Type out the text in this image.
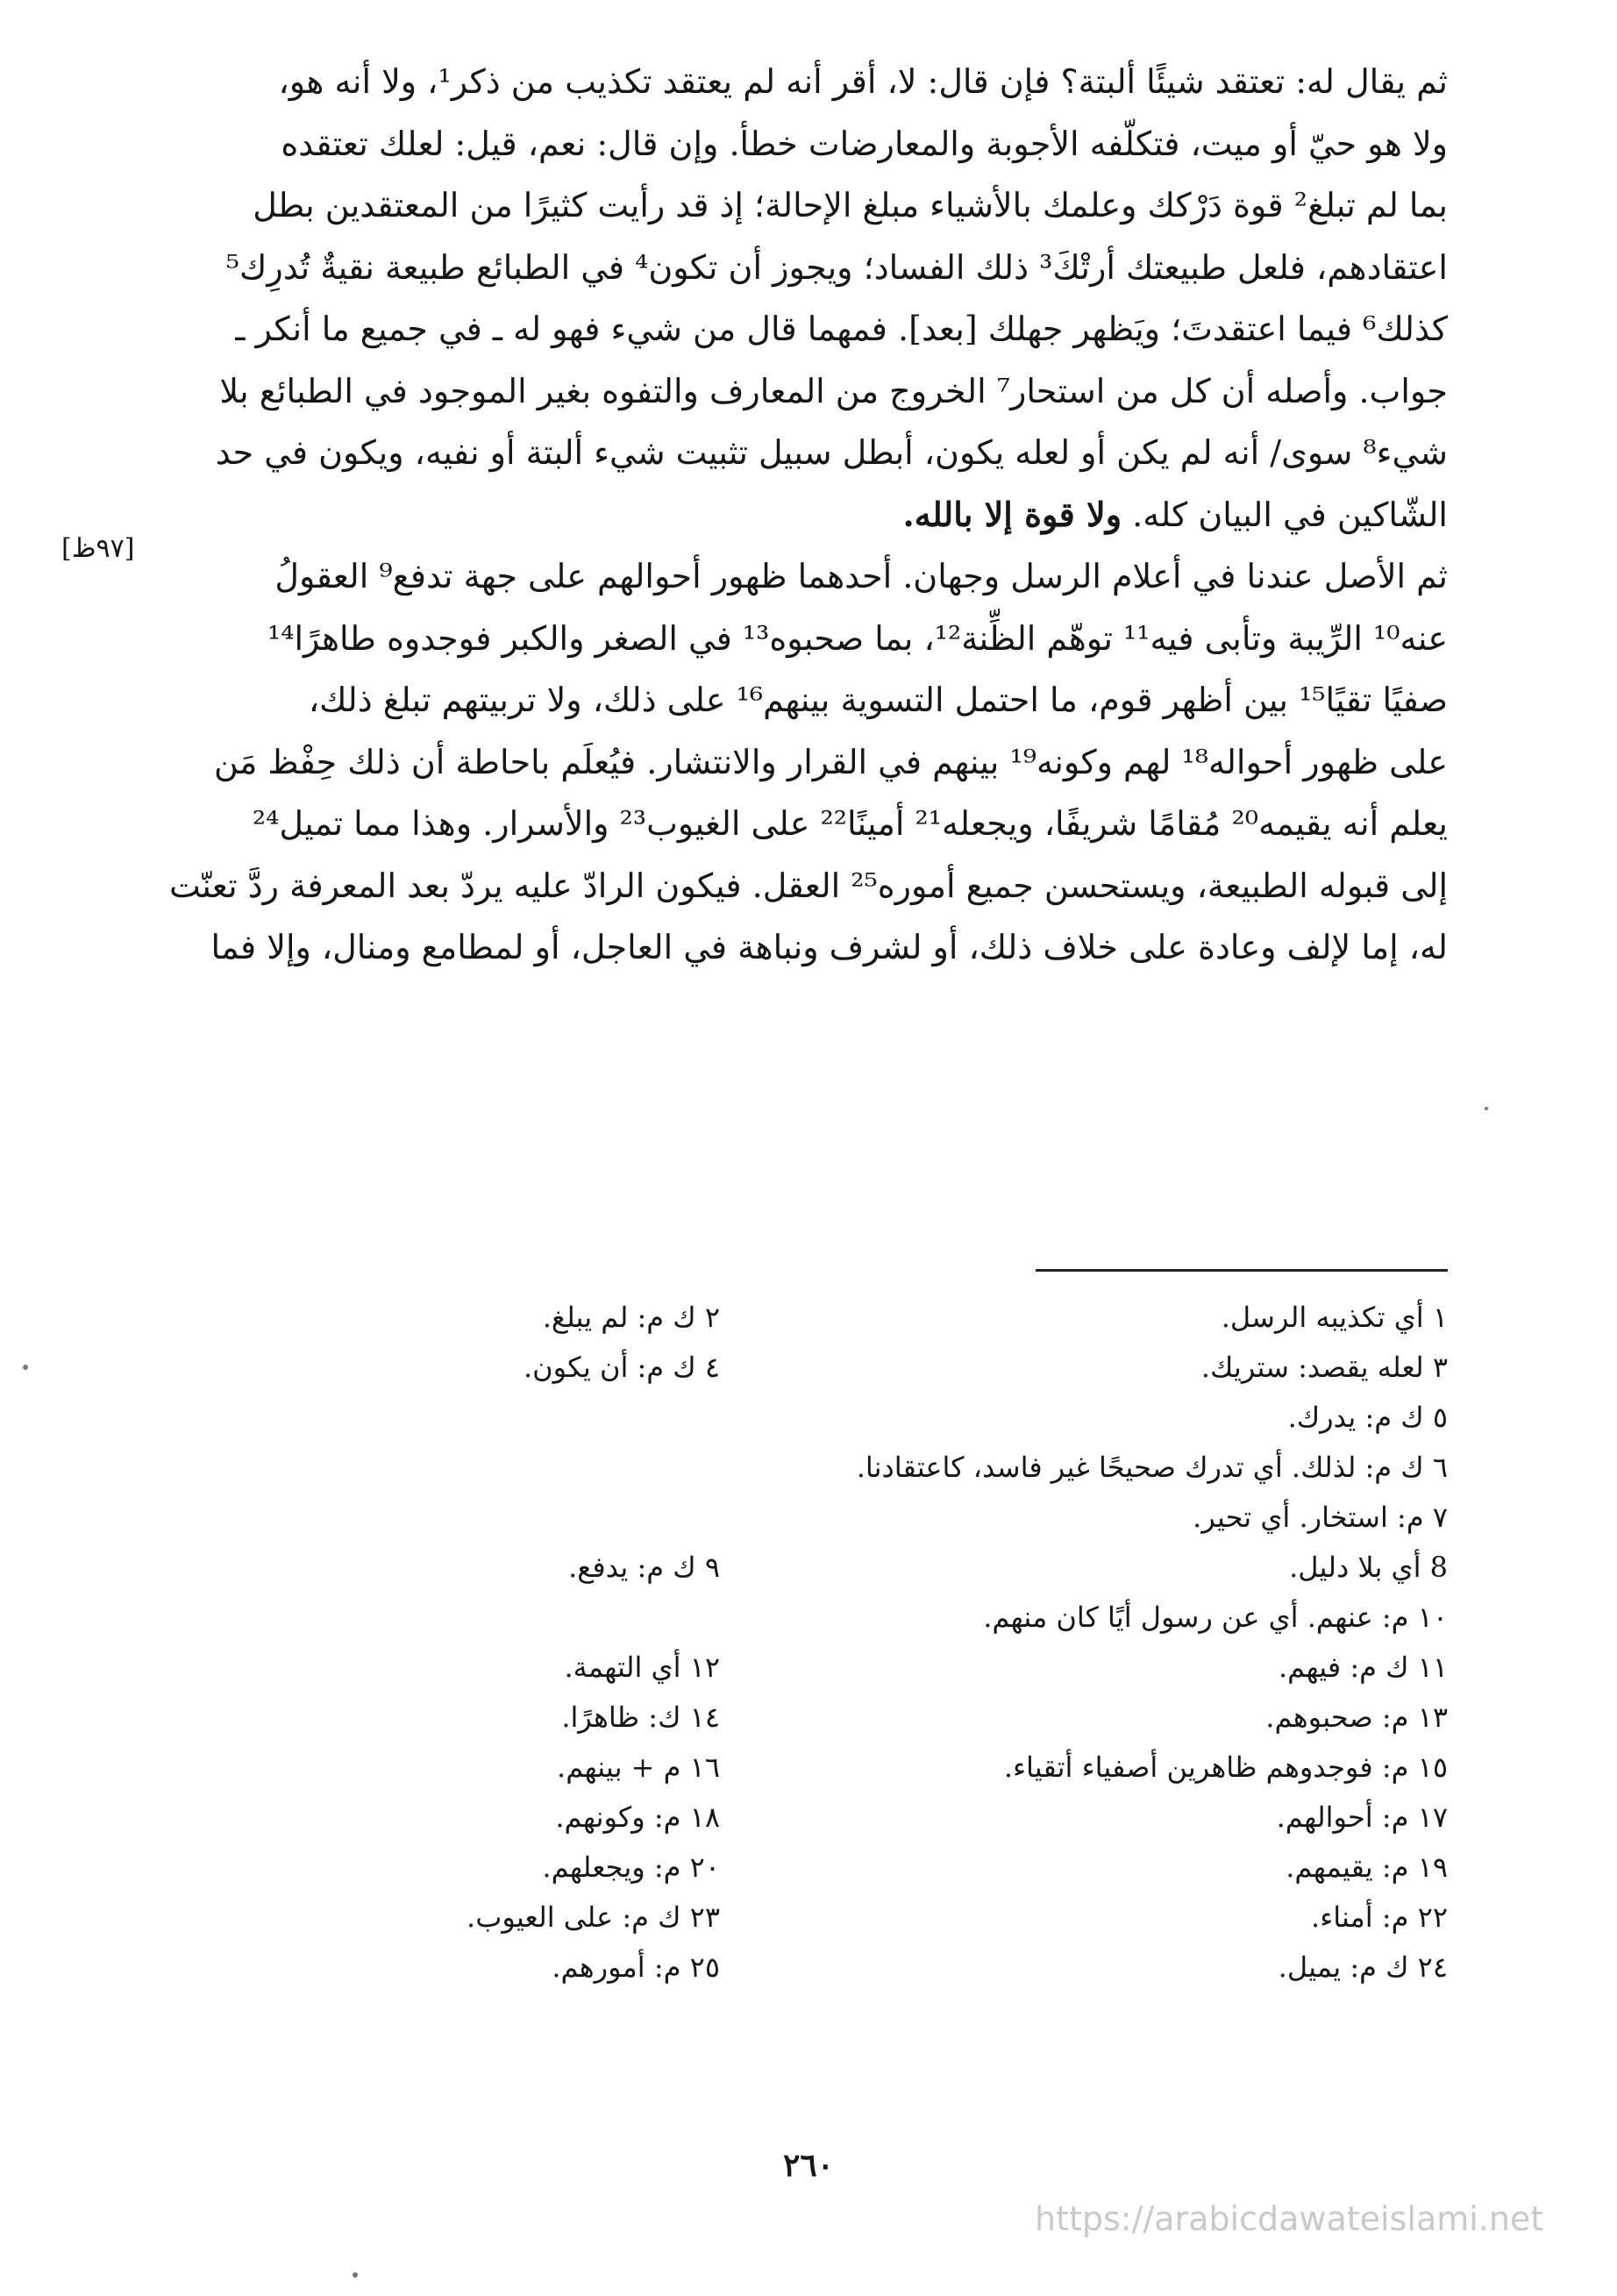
ثم يقال له: تعتقد شيئًا ألبتة؟ فإن قال: لا، أقر أنه لم يعتقد تكذيب من ذكر¹، ولا أنه هو،
ولا هو حيّ أو ميت، فتكلّفه الأجوبة والمعارضات خطأ. وإن قال: نعم، قيل: لعلك تعتقده
بما لم تبلغ² قوة دَرْكك وعلمك بالأشياء مبلغ الإحالة؛ إذ قد رأيت كثيرًا من المعتقدين بطل
اعتقادهم، فلعل طبيعتك أرتْكَ³ ذلك الفساد؛ ويجوز أن تكون⁴ في الطبائع طبيعة نقيةٌ تُدرِك⁵
كذلك⁶ فيما اعتقدتَ؛ ويَظهر جهلك [بعد]. فمهما قال من شيء فهو له ـ في جميع ما أنكر ـ
جواب. وأصله أن كل من استحار⁷ الخروج من المعارف والتفوه بغير الموجود في الطبائع بلا
شيء⁸ سوى/ أنه لم يكن أو لعله يكون، أبطل سبيل تثبيت شيء ألبتة أو نفيه، ويكون في حد
الشّاكين في البيان كله. ولا قوة إلا بالله.
ثم الأصل عندنا في أعلام الرسل وجهان. أحدهما ظهور أحوالهم على جهة تدفع⁹ العقولُ
عنه¹⁰ الرِّيبة وتأبى فيه¹¹ توهّم الظِّنة¹²، بما صحبوه¹³ في الصغر والكبر فوجدوه طاهرًا¹⁴
صفيًا تقيًا¹⁵ بين أظهر قوم، ما احتمل التسوية بينهم¹⁶ على ذلك، ولا تربيتهم تبلغ ذلك،
على ظهور أحواله¹⁸ لهم وكونه¹⁹ بينهم في القرار والانتشار. فيُعلَم باحاطة أن ذلك حِفْظ مَن
يعلم أنه يقيمه²⁰ مُقامًا شريفًا، ويجعله²¹ أمينًا²² على الغيوب²³ والأسرار. وهذا مما تميل²⁴
إلى قبوله الطبيعة، ويستحسن جميع أموره²⁵ العقل. فيكون الرادّ عليه يردّ بعد المعرفة ردَّ تعنّت
له، إما لإلف وعادة على خلاف ذلك، أو لشرف ونباهة في العاجل، أو لمطامع ومنال، وإلا فما
[٩٧ظ]
١ أي تكذيبه الرسل.
٢ ك م: لم يبلغ.
٣ لعله يقصد: ستريك.
٤ ك م: أن يكون.
٥ ك م: يدرك.
٦ ك م: لذلك. أي تدرك صحيحًا غير فاسد، كاعتقادنا.
٧ م: استخار. أي تحير.
8 أي بلا دليل.
٩ ك م: يدفع.
١٠ م: عنهم. أي عن رسول أيًا كان منهم.
١١ ك م: فيهم.
١٢ أي التهمة.
١٣ م: صحبوهم.
١٤ ك: ظاهرًا.
١٥ م: فوجدوهم ظاهرين أصفياء أتقياء.
١٦ م + بينهم.
١٧ م: أحوالهم.
١٨ م: وكونهم.
١٩ م: يقيمهم.
٢٠ م: ويجعلهم.
٢٢ م: أمناء.
٢٣ ك م: على العيوب.
٢٤ ك م: يميل.
٢٥ م: أمورهم.
٢٦٠
https://arabicdawateislami.net
